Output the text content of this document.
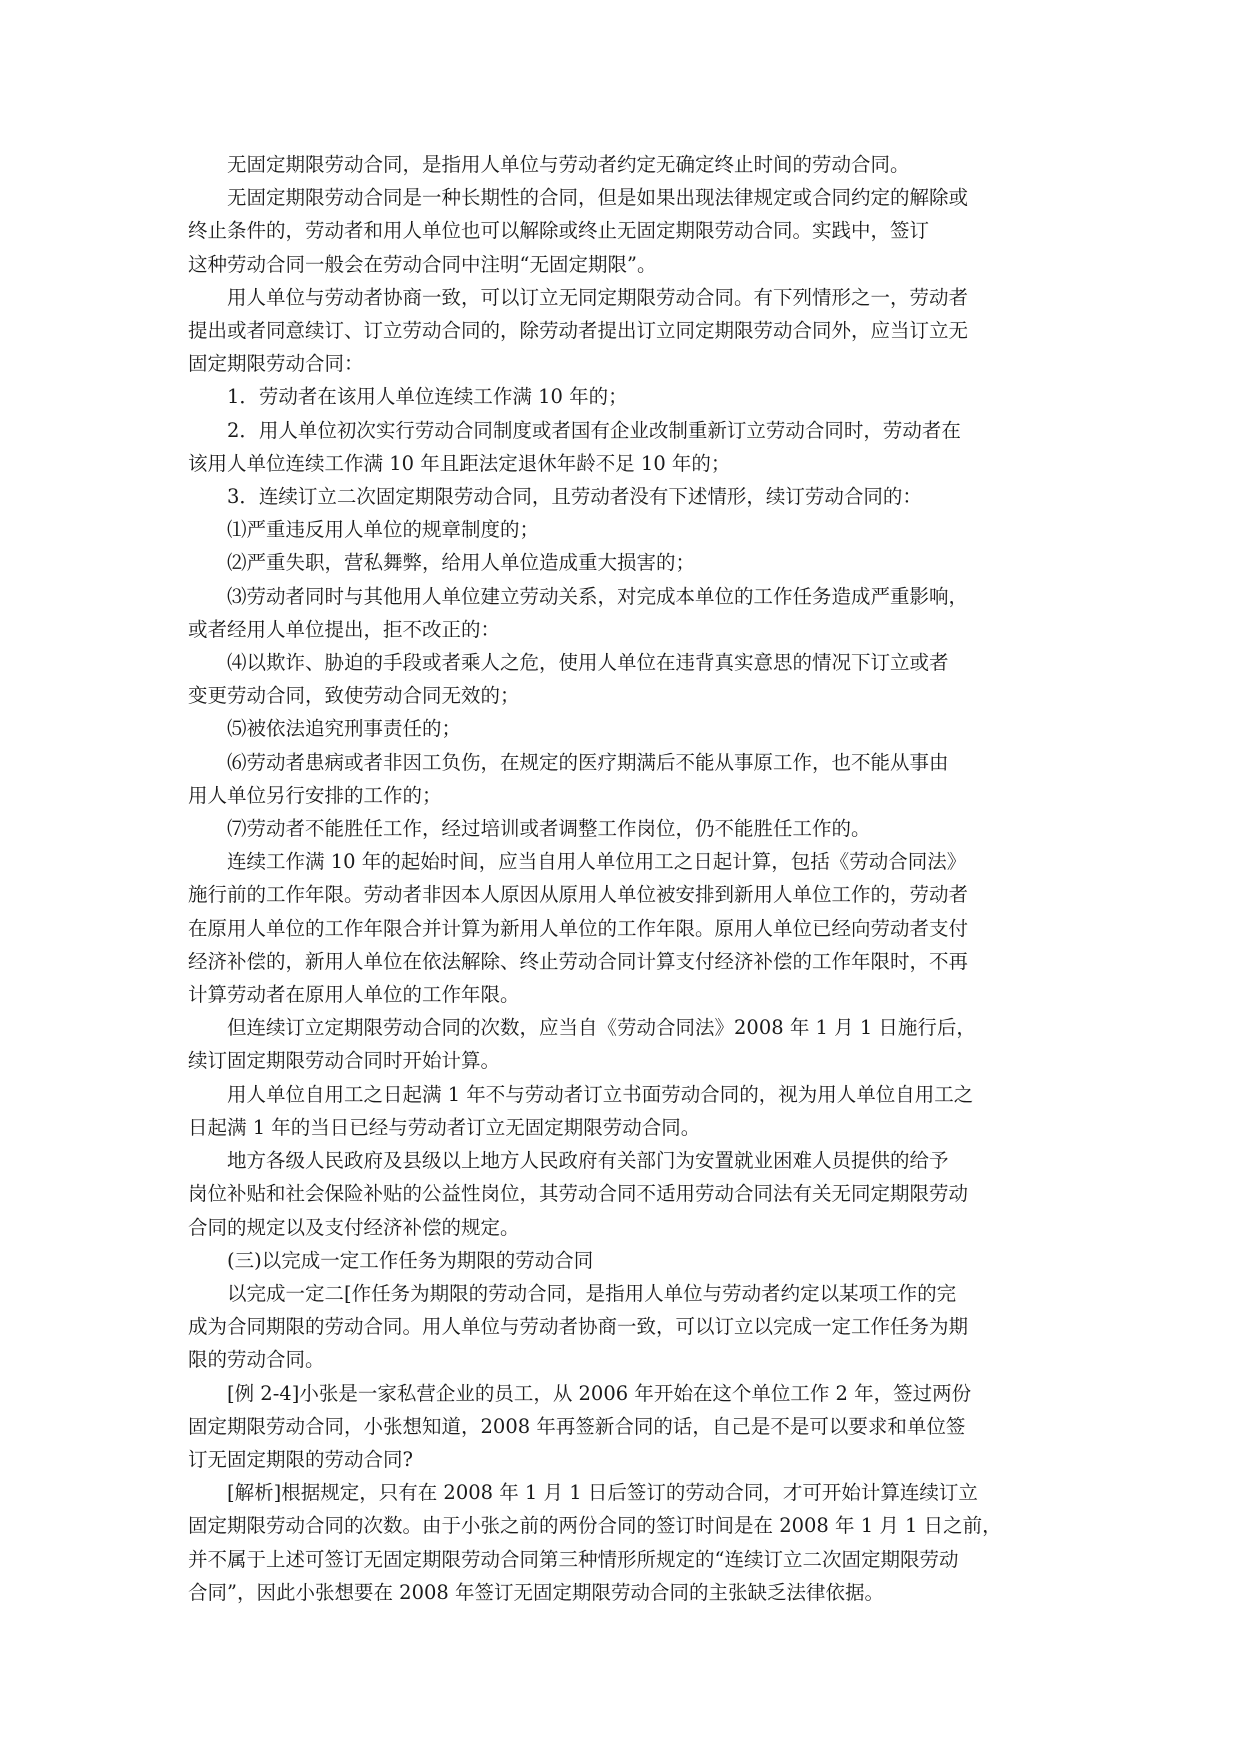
无固定期限劳动合同，是指用人单位与劳动者约定无确定终止时间的劳动合同。
无固定期限劳动合同是一种长期性的合同，但是如果出现法律规定或合同约定的解除或
终止条件的，劳动者和用人单位也可以解除或终止无固定期限劳动合同。实践中，签订
这种劳动合同一般会在劳动合同中注明“无固定期限”。
用人单位与劳动者协商一致，可以订立无同定期限劳动合同。有下列情形之一，劳动者
提出或者同意续订、订立劳动合同的，除劳动者提出订立同定期限劳动合同外，应当订立无
固定期限劳动合同：
1．劳动者在该用人单位连续工作满 10 年的；
2．用人单位初次实行劳动合同制度或者国有企业改制重新订立劳动合同时，劳动者在
该用人单位连续工作满 10 年且距法定退休年龄不足 10 年的；
3．连续订立二次固定期限劳动合同，且劳动者没有下述情形，续订劳动合同的：
⑴严重违反用人单位的规章制度的；
⑵严重失职，营私舞弊，给用人单位造成重大损害的；
⑶劳动者同时与其他用人单位建立劳动关系，对完成本单位的工作任务造成严重影响，
或者经用人单位提出，拒不改正的：
⑷以欺诈、胁迫的手段或者乘人之危，使用人单位在违背真实意思的情况下订立或者
变更劳动合同，致使劳动合同无效的；
⑸被依法追究刑事责任的；
⑹劳动者患病或者非因工负伤，在规定的医疗期满后不能从事原工作，也不能从事由
用人单位另行安排的工作的；
⑺劳动者不能胜任工作，经过培训或者调整工作岗位，仍不能胜任工作的。
连续工作满 10 年的起始时间，应当自用人单位用工之日起计算，包括《劳动合同法》
施行前的工作年限。劳动者非因本人原因从原用人单位被安排到新用人单位工作的，劳动者
在原用人单位的工作年限合并计算为新用人单位的工作年限。原用人单位已经向劳动者支付
经济补偿的，新用人单位在依法解除、终止劳动合同计算支付经济补偿的工作年限时，不再
计算劳动者在原用人单位的工作年限。
但连续订立定期限劳动合同的次数，应当自《劳动合同法》2008 年 1 月 1 日施行后，
续订固定期限劳动合同时开始计算。
用人单位自用工之日起满 1 年不与劳动者订立书面劳动合同的，视为用人单位自用工之
日起满 1 年的当日已经与劳动者订立无固定期限劳动合同。
地方各级人民政府及县级以上地方人民政府有关部门为安置就业困难人员提供的给予
岗位补贴和社会保险补贴的公益性岗位，其劳动合同不适用劳动合同法有关无同定期限劳动
合同的规定以及支付经济补偿的规定。
(三)以完成一定工作任务为期限的劳动合同
以完成一定二[作任务为期限的劳动合同，是指用人单位与劳动者约定以某项工作的完
成为合同期限的劳动合同。用人单位与劳动者协商一致，可以订立以完成一定工作任务为期
限的劳动合同。
[例 2-4]小张是一家私营企业的员工，从 2006 年开始在这个单位工作 2 年，签过两份
固定期限劳动合同，小张想知道，2008 年再签新合同的话，自己是不是可以要求和单位签
订无固定期限的劳动合同?
[解析]根据规定，只有在 2008 年 1 月 1 日后签订的劳动合同，才可开始计算连续订立
固定期限劳动合同的次数。由于小张之前的两份合同的签订时间是在 2008 年 1 月 1 日之前，
并不属于上述可签订无固定期限劳动合同第三种情形所规定的“连续订立二次固定期限劳动
合同”，因此小张想要在 2008 年签订无固定期限劳动合同的主张缺乏法律依据。
